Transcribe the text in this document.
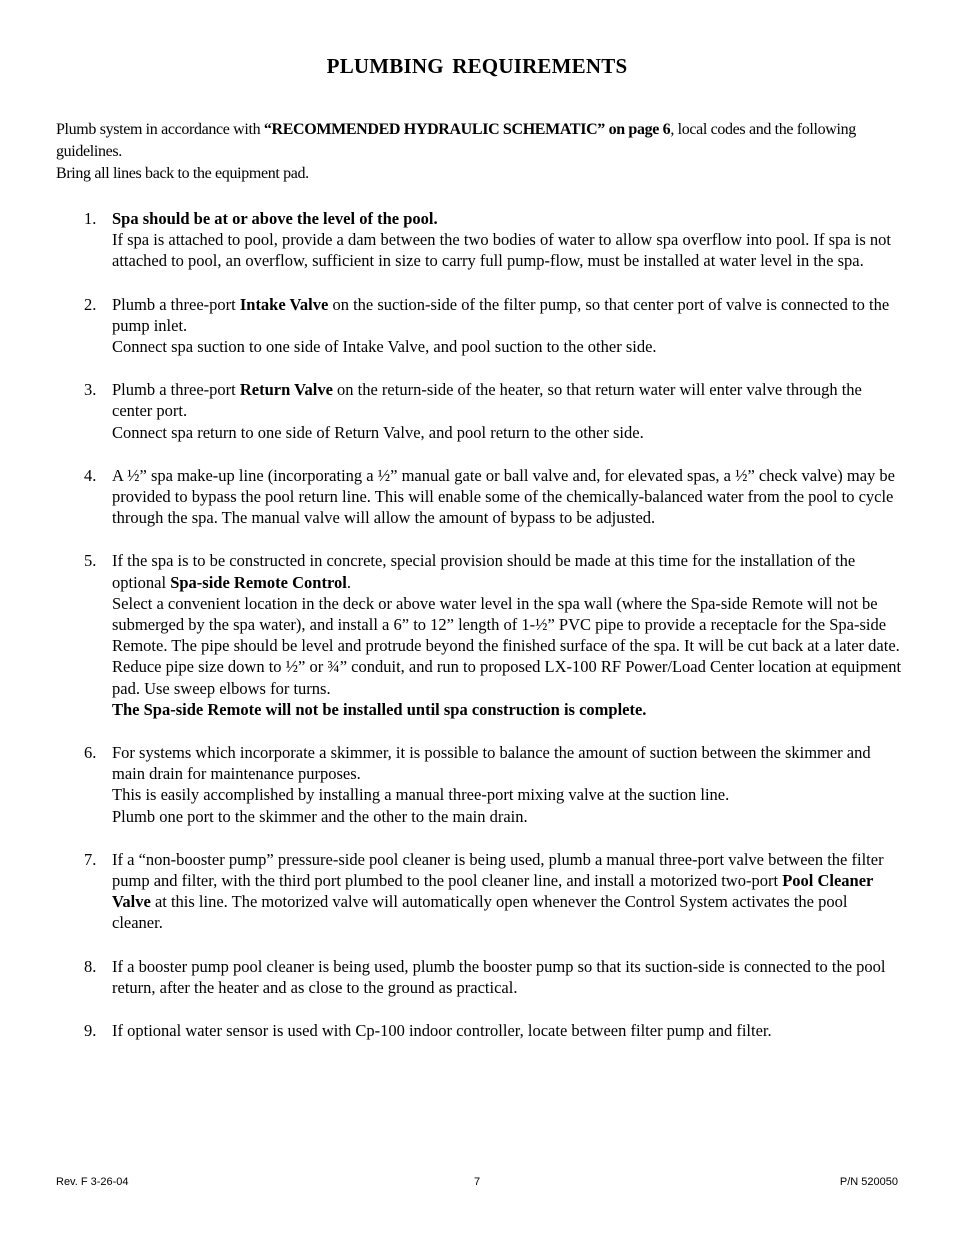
PLUMBING REQUIREMENTS

Plumb system in accordance with “RECOMMENDED HYDRAULIC SCHEMATIC” on page 6, local codes and the following guidelines.

Bring all lines back to the equipment pad.

1. Spa should be at or above the level of the pool.

If spa is attached to pool, provide a dam between the two bodies of water to allow spa overflow into pool. If spa is not attached to pool, an overflow, sufficient in size to carry full pump-flow, must be installed at water level in the spa.

2. Plumb a three-port Intake Valve on the suction-side of the filter pump, so that center port of valve is connected to the pump inlet.

Connect spa suction to one side of Intake Valve, and pool suction to the other side.

3. Plumb a three-port Return Valve on the return-side of the heater, so that return water will enter valve through the center port.

Connect spa return to one side of Return Valve, and pool return to the other side.

4. A ½” spa make-up line (incorporating a ½” manual gate or ball valve and, for elevated spas, a ½” check valve) may be provided to bypass the pool return line. This will enable some of the chemically-balanced water from the pool to cycle through the spa. The manual valve will allow the amount of bypass to be adjusted.

5. If the spa is to be constructed in concrete, special provision should be made at this time for the installation of the optional Spa-side Remote Control.

Select a convenient location in the deck or above water level in the spa wall (where the Spa-side Remote will not be submerged by the spa water), and install a 6” to 12” length of 1-½” PVC pipe to provide a receptacle for the Spa-side Remote. The pipe should be level and protrude beyond the finished surface of the spa. It will be cut back at a later date.

Reduce pipe size down to ½” or ¾” conduit, and run to proposed LX-100 RF Power/Load Center location at equipment pad. Use sweep elbows for turns.

The Spa-side Remote will not be installed until spa construction is complete.

6. For systems which incorporate a skimmer, it is possible to balance the amount of suction between the skimmer and main drain for maintenance purposes.

This is easily accomplished by installing a manual three-port mixing valve at the suction line.

Plumb one port to the skimmer and the other to the main drain.

7. If a “non-booster pump” pressure-side pool cleaner is being used, plumb a manual three-port valve between the filter pump and filter, with the third port plumbed to the pool cleaner line, and install a motorized two-port Pool Cleaner Valve at this line. The motorized valve will automatically open whenever the Control System activates the pool cleaner.

8. If a booster pump pool cleaner is being used, plumb the booster pump so that its suction-side is connected to the pool return, after the heater and as close to the ground as practical.

9. If optional water sensor is used with Cp-100 indoor controller, locate between filter pump and filter.

Rev. F 3-26-04	7	P/N 520050
